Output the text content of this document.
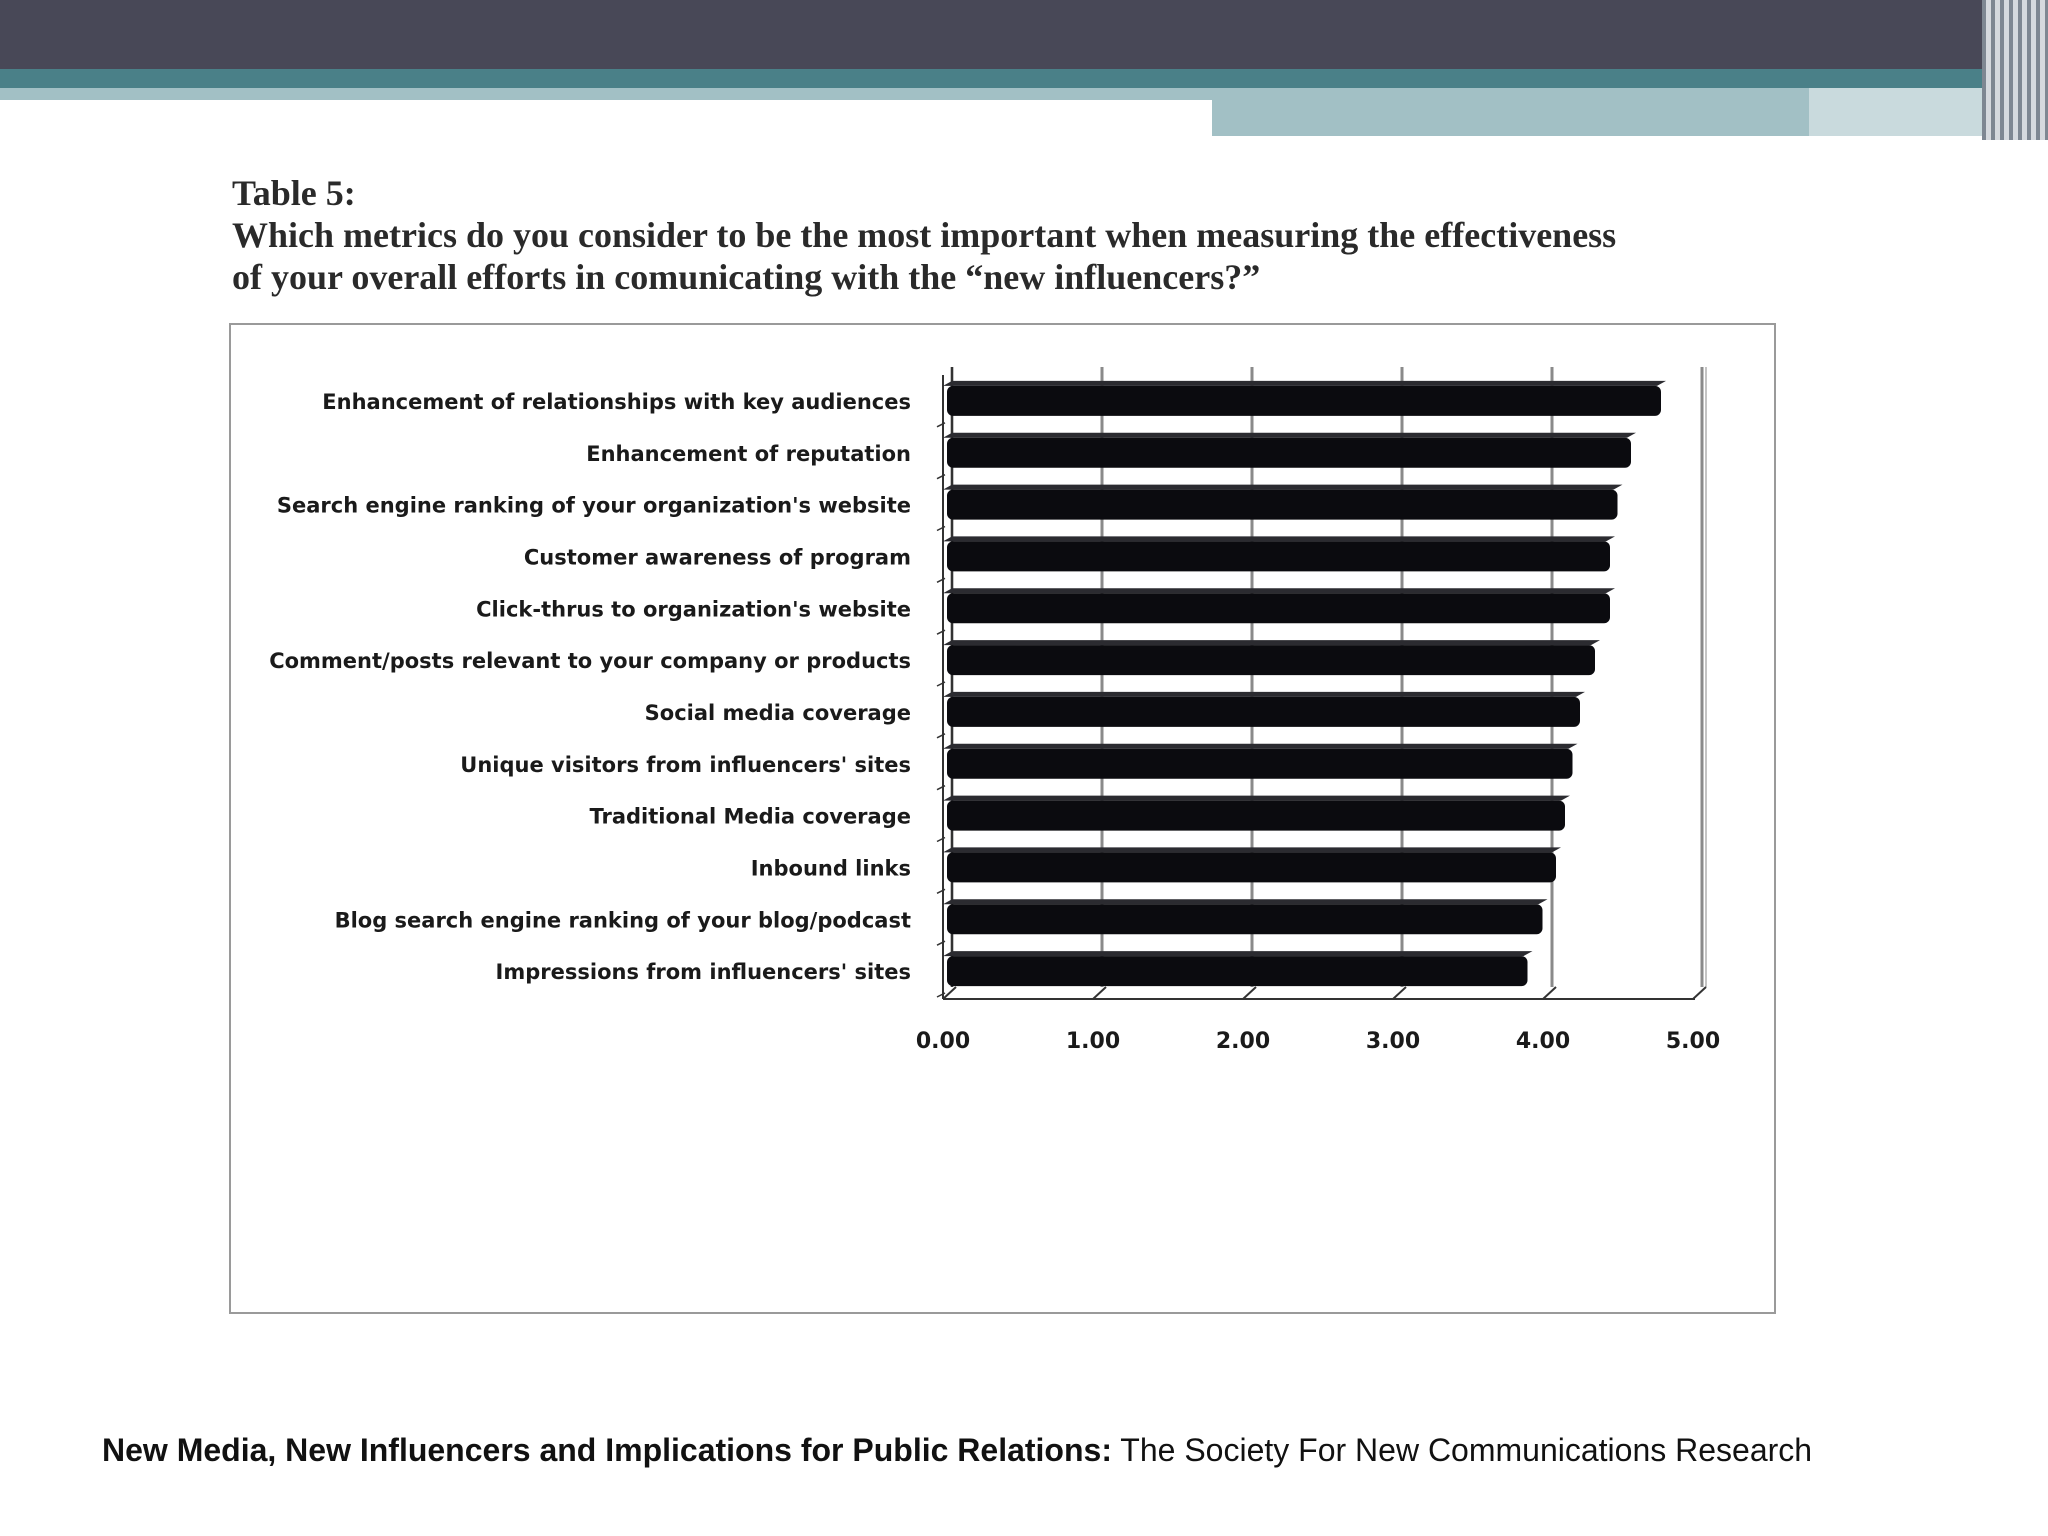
Table 5:
Which metrics do you consider to be the most important when measuring the effectiveness
of your overall efforts in comunicating with the “new influencers?”
0.00	1.00	2.00	3.00	4.00	5.00
Enhancement of relationships with key audiences
Enhancement of reputation
Search engine ranking of your organization's website
Customer awareness of program
Click-thrus to organization's website
Comment/posts relevant to your company or products
Social media coverage
Unique visitors from influencers' sites
Traditional Media coverage
Inbound links
Blog search engine ranking of your blog/podcast
Impressions from influencers' sites
New Media, New Influencers and Implications for Public Relations: The Society For New Communications Research
